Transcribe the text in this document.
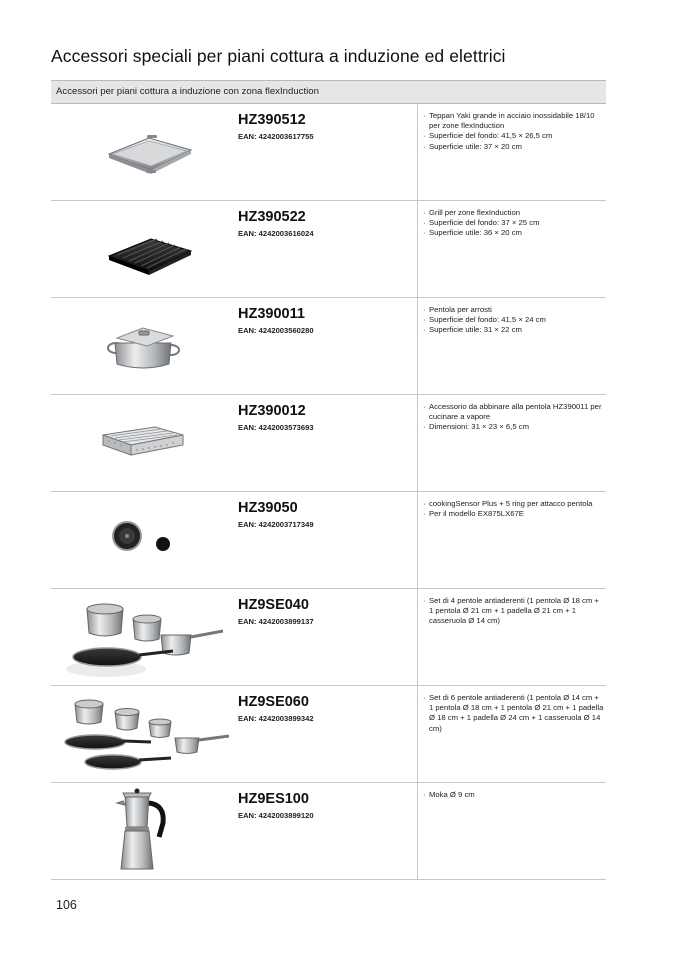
Accessori speciali per piani cottura a induzione ed elettrici
Accessori per piani cottura a induzione con zona flexInduction
HZ390512
EAN: 4242003617755
· Teppan Yaki grande in acciaio inossidabile 18/10 per zone flexInduction
· Superficie del fondo: 41,5 × 26,5 cm
· Superficie utile: 37 × 20 cm
HZ390522
EAN: 4242003616024
· Grill per zone flexInduction
· Superficie del fondo: 37 × 25 cm
· Superficie utile: 36 × 20 cm
HZ390011
EAN: 4242003560280
· Pentola per arrosti
· Superficie del fondo: 41,5 × 24 cm
· Superficie utile: 31 × 22 cm
HZ390012
EAN: 4242003573693
· Accessorio da abbinare alla pentola HZ390011 per cucinare a vapore
· Dimensioni: 31 × 23 × 6,5 cm
HZ39050
EAN: 4242003717349
· cookingSensor Plus + 5 ring per attacco pentola
· Per il modello EX875LX67E
HZ9SE040
EAN: 4242003899137
· Set di 4 pentole antiaderenti (1 pentola Ø 18 cm + 1 pentola Ø 21 cm + 1 padella Ø 21 cm + 1 casseruola Ø 14 cm)
HZ9SE060
EAN: 4242003899342
· Set di 6 pentole antiaderenti (1 pentola Ø 14 cm + 1 pentola Ø 18 cm + 1 pentola Ø 21 cm + 1 padella Ø 18 cm + 1 padella Ø 24 cm + 1 casseruola Ø 14 cm)
HZ9ES100
EAN: 4242003899120
· Moka Ø 9 cm
106
